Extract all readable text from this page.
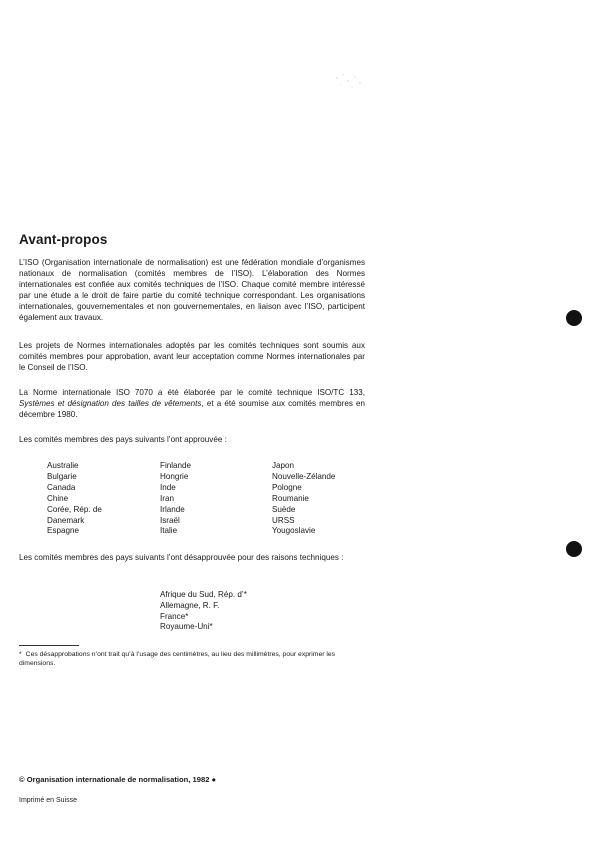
Avant-propos

L’ISO (Organisation internationale de normalisation) est une fédération mondiale d’organismes nationaux de normalisation (comités membres de l’ISO). L’élaboration des Normes internationales est confiée aux comités techniques de l’ISO. Chaque comité membre intéressé par une étude a le droit de faire partie du comité technique correspondant. Les organisations internationales, gouvernementales et non gouvernementales, en liaison avec l’ISO, participent également aux travaux.

Les projets de Normes internationales adoptés par les comités techniques sont soumis aux comités membres pour approbation, avant leur acceptation comme Normes internationales par le Conseil de l’ISO.

La Norme internationale ISO 7070 a été élaborée par le comité technique ISO/TC 133, Systèmes et désignation des tailles de vêtements, et a été soumise aux comités membres en décembre 1980.

Les comités membres des pays suivants l’ont approuvée :

Australie
Bulgarie
Canada
Chine
Corée, Rép. de
Danemark
Espagne
Finlande
Hongrie
Inde
Iran
Irlande
Israël
Italie
Japon
Nouvelle-Zélande
Pologne
Roumanie
Suède
URSS
Yougoslavie

Les comités membres des pays suivants l’ont désapprouvée pour des raisons techniques :

Afrique du Sud, Rép. d’*
Allemagne, R. F.
France*
Royaume-Uni*

* Ces désapprobations n’ont trait qu’à l’usage des centimètres, au lieu des millimètres, pour exprimer les dimensions.

© Organisation internationale de normalisation, 1982 ●

Imprimé en Suisse
